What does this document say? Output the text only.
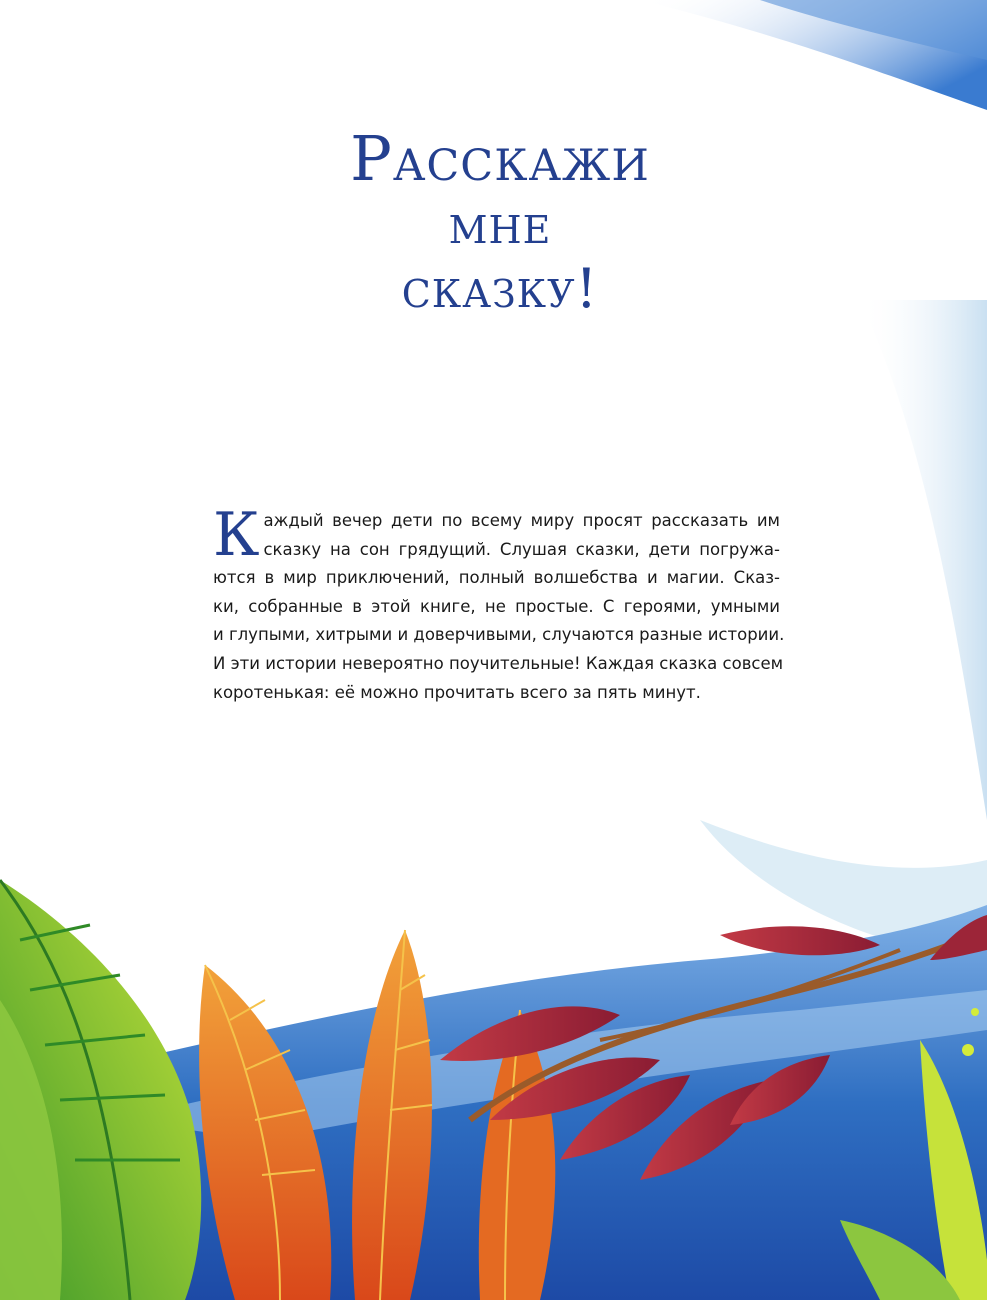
Расскажи
мне
сказку!
К аждый вечер дети по всему миру просят рассказать им
сказку на сон грядущий. Слушая сказки, дети погружа-
ются в мир приключений, полный волшебства и магии. Сказ-
ки, собранные в этой книге, не простые. С героями, умными
и глупыми, хитрыми и доверчивыми, случаются разные истории.
И эти истории невероятно поучительные! Каждая сказка совсем
коротенькая: её можно прочитать всего за пять минут.
